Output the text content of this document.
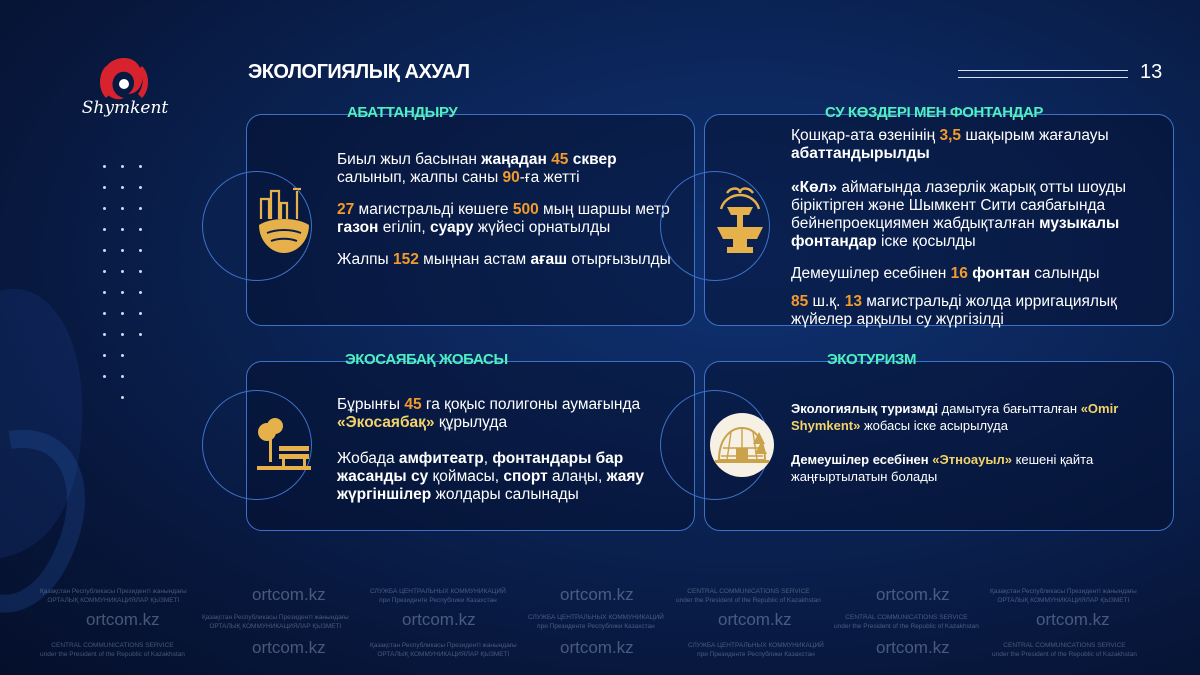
Shymkent
ЭКОЛОГИЯЛЫҚ АХУАЛ	13
АБАТТАНДЫРУ

Биыл жыл басынан жаңадан 45 сквер салынып, жалпы саны 90-ға жетті

27 магистральді көшеге 500 мың шаршы метр газон егіліп, суару жүйесі орнатылды

Жалпы 152 мыңнан астам ағаш отырғызылды

СУ КӨЗДЕРІ МЕН ФОНТАНДАР

Қошқар-ата өзенінің 3,5 шақырым жағалауы абаттандырылды

«Көл» аймағында лазерлік жарық отты шоуды біріктірген және Шымкент Сити саябағында бейнепроекциямен жабдықталған музыкалы фонтандар іске қосылды

Демеушілер есебінен 16 фонтан салынды

85 ш.қ. 13 магистральді жолда ирригациялық жүйелер арқылы су жүргізілді

ЭКОСАЯБАҚ ЖОБАСЫ

Бұрынғы 45 га қоқыс полигоны аумағында «Экосаябақ» құрылуда

Жобада амфитеатр, фонтандары бар жасанды су қоймасы, спорт алаңы, жаяу жүргіншілер жолдары салынады

ЭКОТУРИЗМ

Экологиялық туризмді дамытуға бағытталған «Omir Shymkent» жобасы іске асырылуда

Демеушілер есебінен «Этноауыл» кешені қайта жаңғыртылатын болады

Қазақстан Республикасы Президенті жанындағы
ОРТАЛЫҚ КОММУНИКАЦИЯЛАР ҚЫЗМЕТІ	ortcom.kz	СЛУЖБА ЦЕНТРАЛЬНЫХ КОММУНИКАЦИЙ
при Президенте Республики Казахстан	ortcom.kz	CENTRAL COMMUNICATIONS SERVICE
under the President of the Republic of Kazakhstan	ortcom.kz	Қазақстан Республикасы Президенті жанындағы
ОРТАЛЫҚ КОММУНИКАЦИЯЛАР ҚЫЗМЕТІ
ortcom.kz	Қазақстан Республикасы Президенті жанындағы
ОРТАЛЫҚ КОММУНИКАЦИЯЛАР ҚЫЗМЕТІ	ortcom.kz	СЛУЖБА ЦЕНТРАЛЬНЫХ КОММУНИКАЦИЙ
при Президенте Республики Казахстан	ortcom.kz	CENTRAL COMMUNICATIONS SERVICE
under the President of the Republic of Kazakhstan	ortcom.kz
CENTRAL COMMUNICATIONS SERVICE
under the President of the Republic of Kazakhstan	ortcom.kz	Қазақстан Республикасы Президенті жанындағы
ОРТАЛЫҚ КОММУНИКАЦИЯЛАР ҚЫЗМЕТІ	ortcom.kz	СЛУЖБА ЦЕНТРАЛЬНЫХ КОММУНИКАЦИЙ
при Президенте Республики Казахстан	ortcom.kz	CENTRAL COMMUNICATIONS SERVICE
under the President of the Republic of Kazakhstan
